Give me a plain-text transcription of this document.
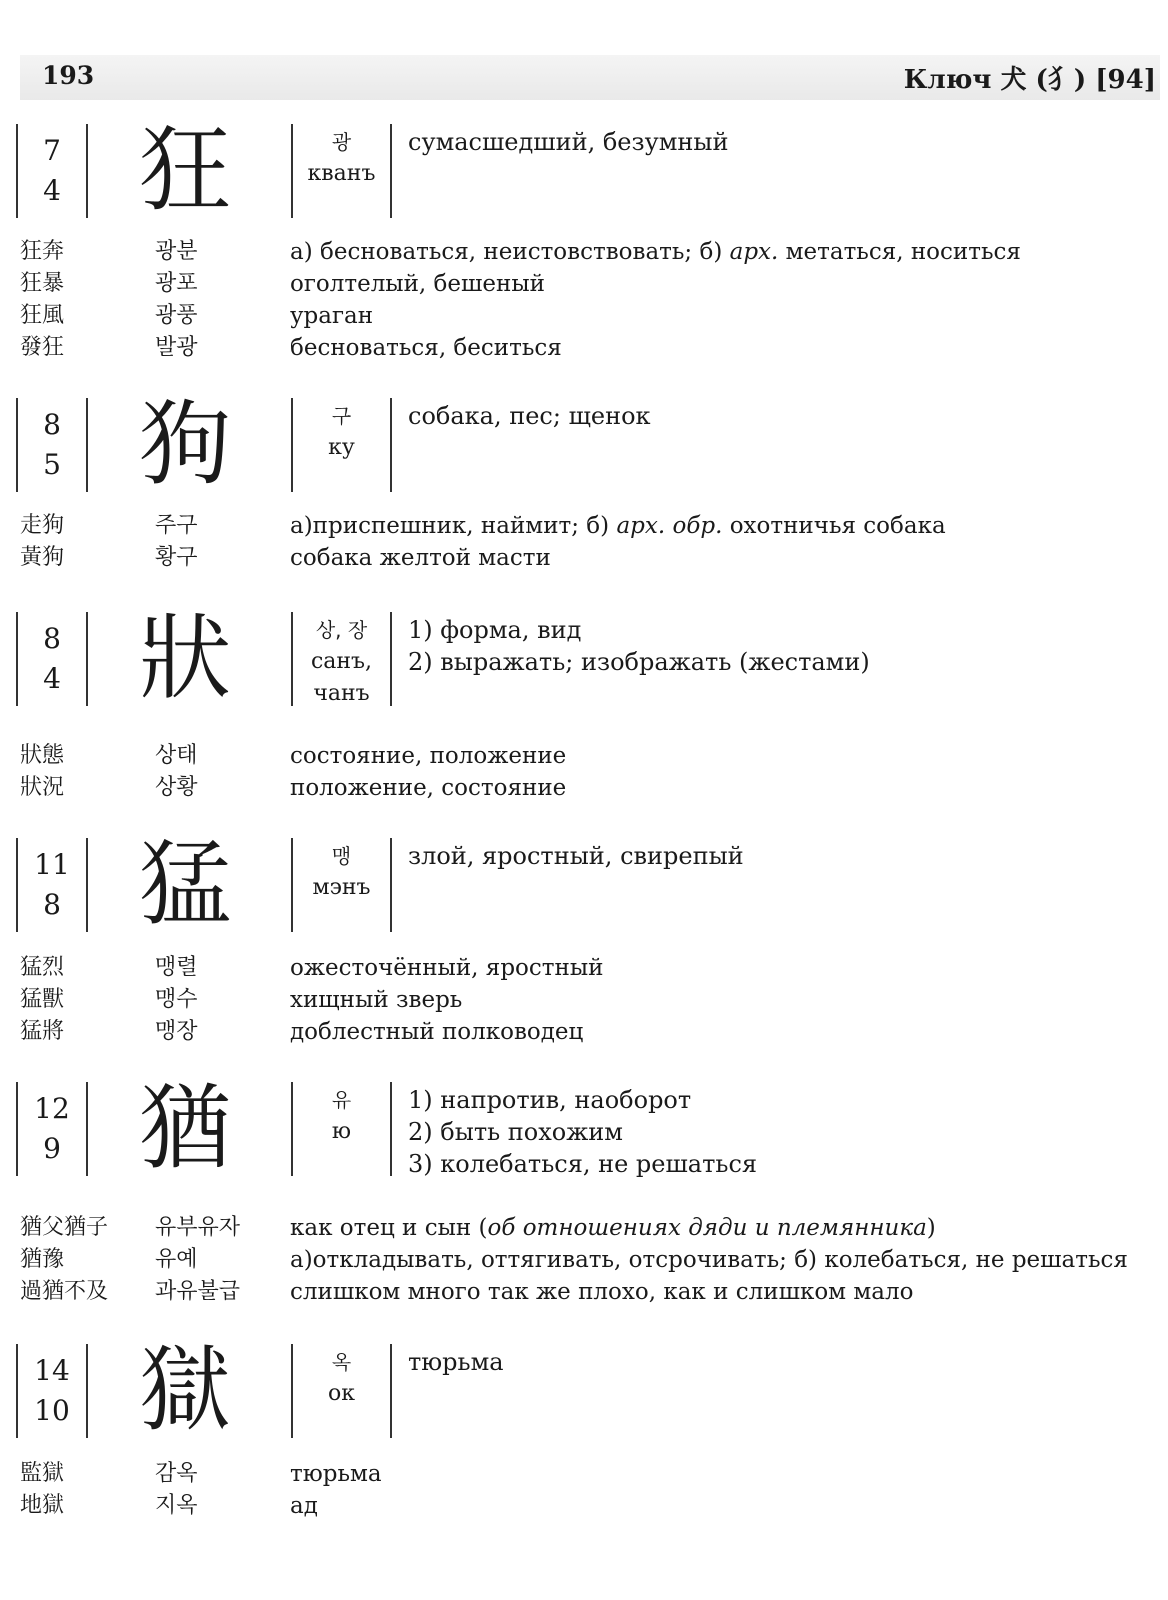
193	Ключ 犬 (犭) [94]
7
4 狂	광
кванъ
сумасшедший, безумный
狂奔	광분	а) бесноваться, неистовствовать; б) арх. метаться, носиться
狂暴	광포	оголтелый, бешеный
狂風	광풍	ураган
發狂	발광	бесноваться, беситься
8
5 狗	구
ку
собака, пес; щенок
走狗	주구	а)приспешник, наймит; б) арх. обр. охотничья собака
黃狗	황구	собака желтой масти
8
4 狀	상, 장
санъ,
чанъ
1) форма, вид
2) выражать; изображать (жестами)
狀態	상태	состояние, положение
狀況	상황	положение, состояние
11
8 猛	맹
мэнъ
злой, яростный, свирепый
猛烈	맹렬	ожесточённый, яростный
猛獸	맹수	хищный зверь
猛將	맹장	доблестный полководец
12
9 猶	유
ю
1) напротив, наоборот
2) быть похожим
3) колебаться, не решаться
猶父猶子 유부유자 как отец и сын (об отношениях дяди и племянника)
猶豫	유예	а)откладывать, оттягивать, отсрочивать; б) колебаться, не решаться
過猶不及 과유불급 слишком много так же плохо, как и слишком мало
14
10 獄	옥
ок
тюрьма
監獄	감옥	тюрьма
地獄	지옥	ад
